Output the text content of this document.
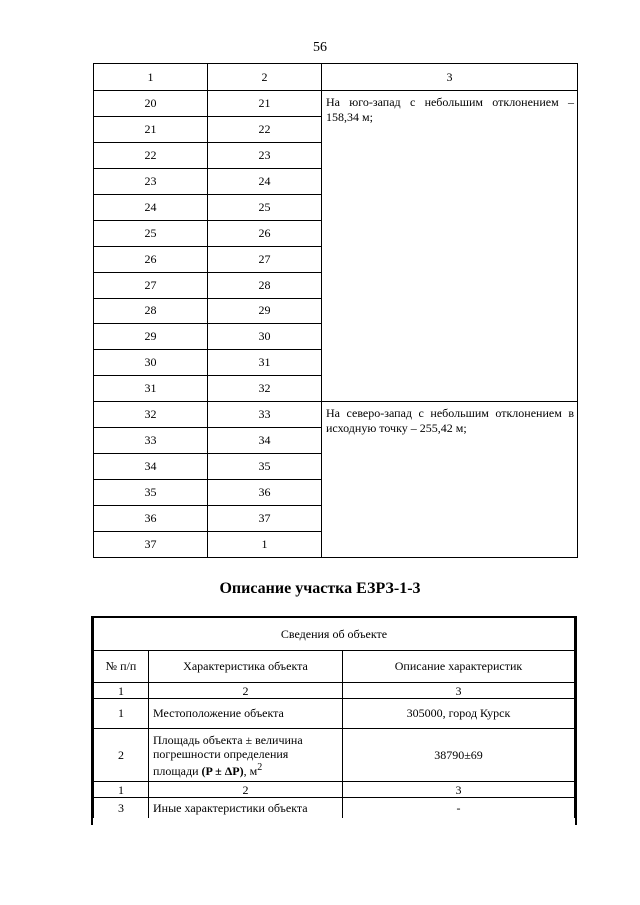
56
1	2	3
20	21	На юго-запад с небольшим отклонением – 158,34 м;
21	22	
22	23	
23	24	
24	25	
25	26	
26	27	
27	28	
28	29	
29	30	
30	31	
31	32	
32	33	На северо-запад с небольшим отклонением в исходную точку – 255,42 м;
33	34	
34	35	
35	36	
36	37	
37	1	
Описание участка ЕЗРЗ-1-3
Сведения об объекте		
№ п/п	Характеристика объекта	Описание характеристик
1	2	3
1	Местоположение объекта	305000, город Курск
2	Площадь объекта ± величина
погрешности определения
площади (P ± ΔP), $м^2$	38790±69
1	2	3
3	Иные характеристики объекта	-
